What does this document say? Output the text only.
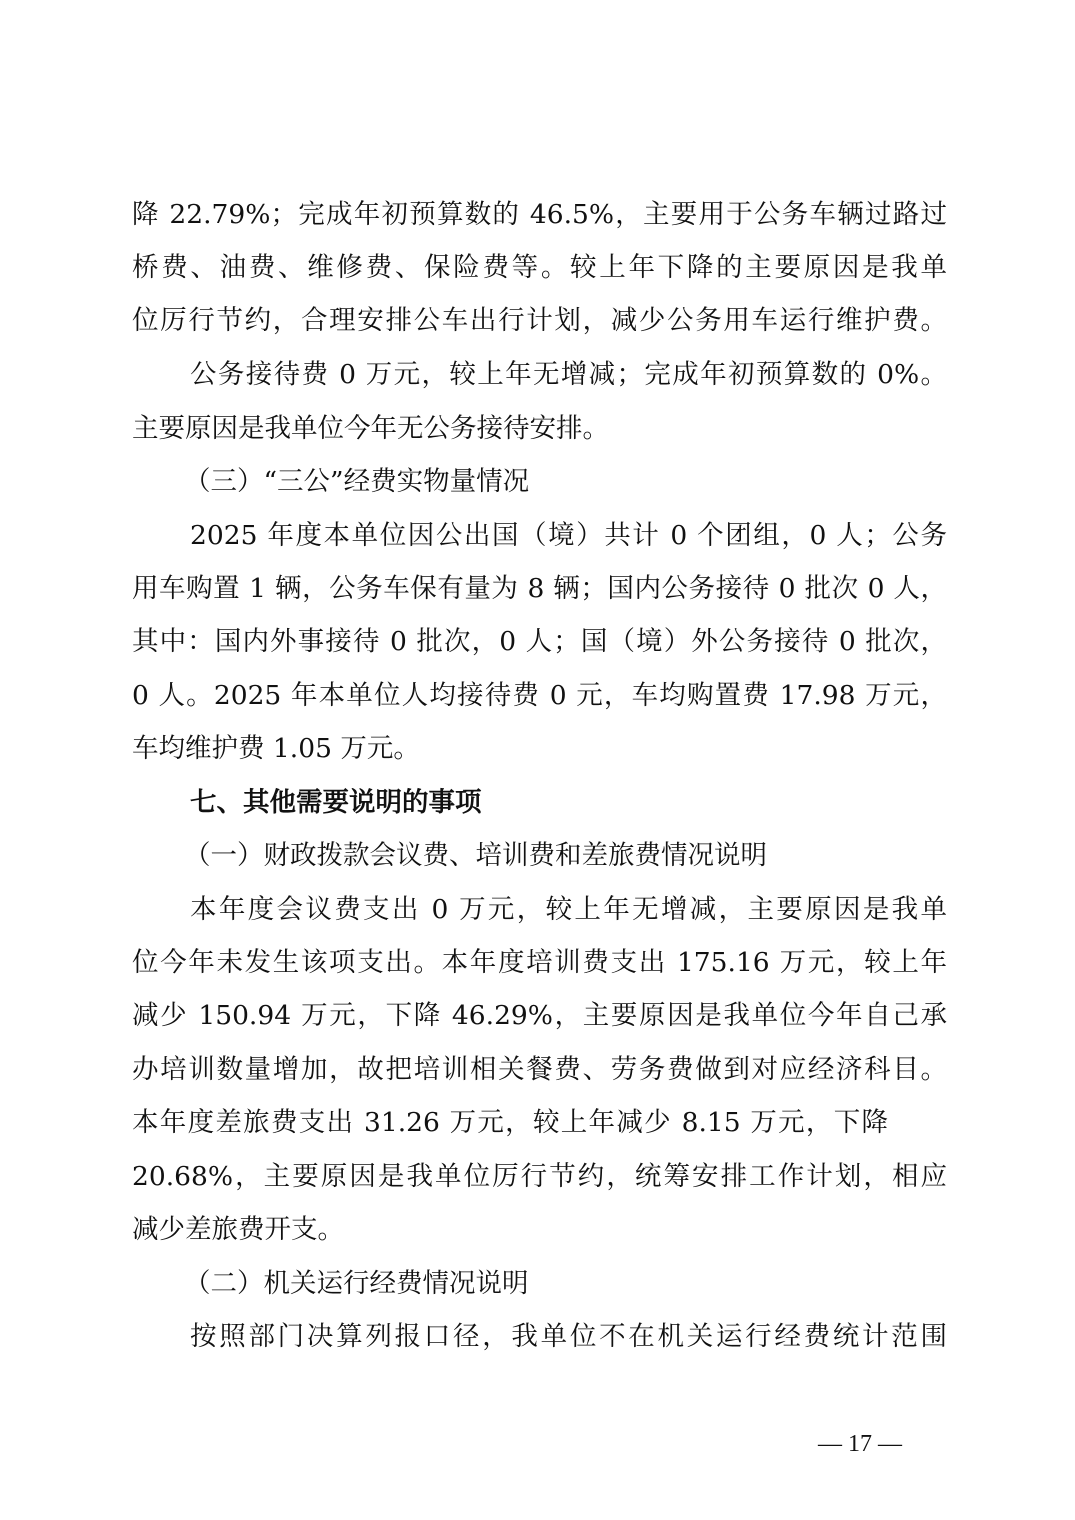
降 22.79%；完成年初预算数的 46.5%，主要用于公务车辆过路过
桥费、油费、维修费、保险费等。较上年下降的主要原因是我单
位厉行节约，合理安排公车出行计划，减少公务用车运行维护费。
公务接待费 0 万元，较上年无增减；完成年初预算数的 0%。
主要原因是我单位今年无公务接待安排。
（三）“三公”经费实物量情况
2025 年度本单位因公出国（境）共计 0 个团组，0 人；公务
用车购置 1 辆，公务车保有量为 8 辆；国内公务接待 0 批次 0 人，
其中：国内外事接待 0 批次，0 人；国（境）外公务接待 0 批次，
0 人。2025 年本单位人均接待费 0 元，车均购置费 17.98 万元，
车均维护费 1.05 万元。
七、其他需要说明的事项
（一）财政拨款会议费、培训费和差旅费情况说明
本年度会议费支出 0 万元，较上年无增减，主要原因是我单
位今年未发生该项支出。本年度培训费支出 175.16 万元，较上年
减少 150.94 万元，下降 46.29%，主要原因是我单位今年自己承
办培训数量增加，故把培训相关餐费、劳务费做到对应经济科目。
本年度差旅费支出 31.26 万元，较上年减少 8.15 万元，下降
20.68%，主要原因是我单位厉行节约，统筹安排工作计划，相应
减少差旅费开支。
（二）机关运行经费情况说明
按照部门决算列报口径，我单位不在机关运行经费统计范围
— 17 —
